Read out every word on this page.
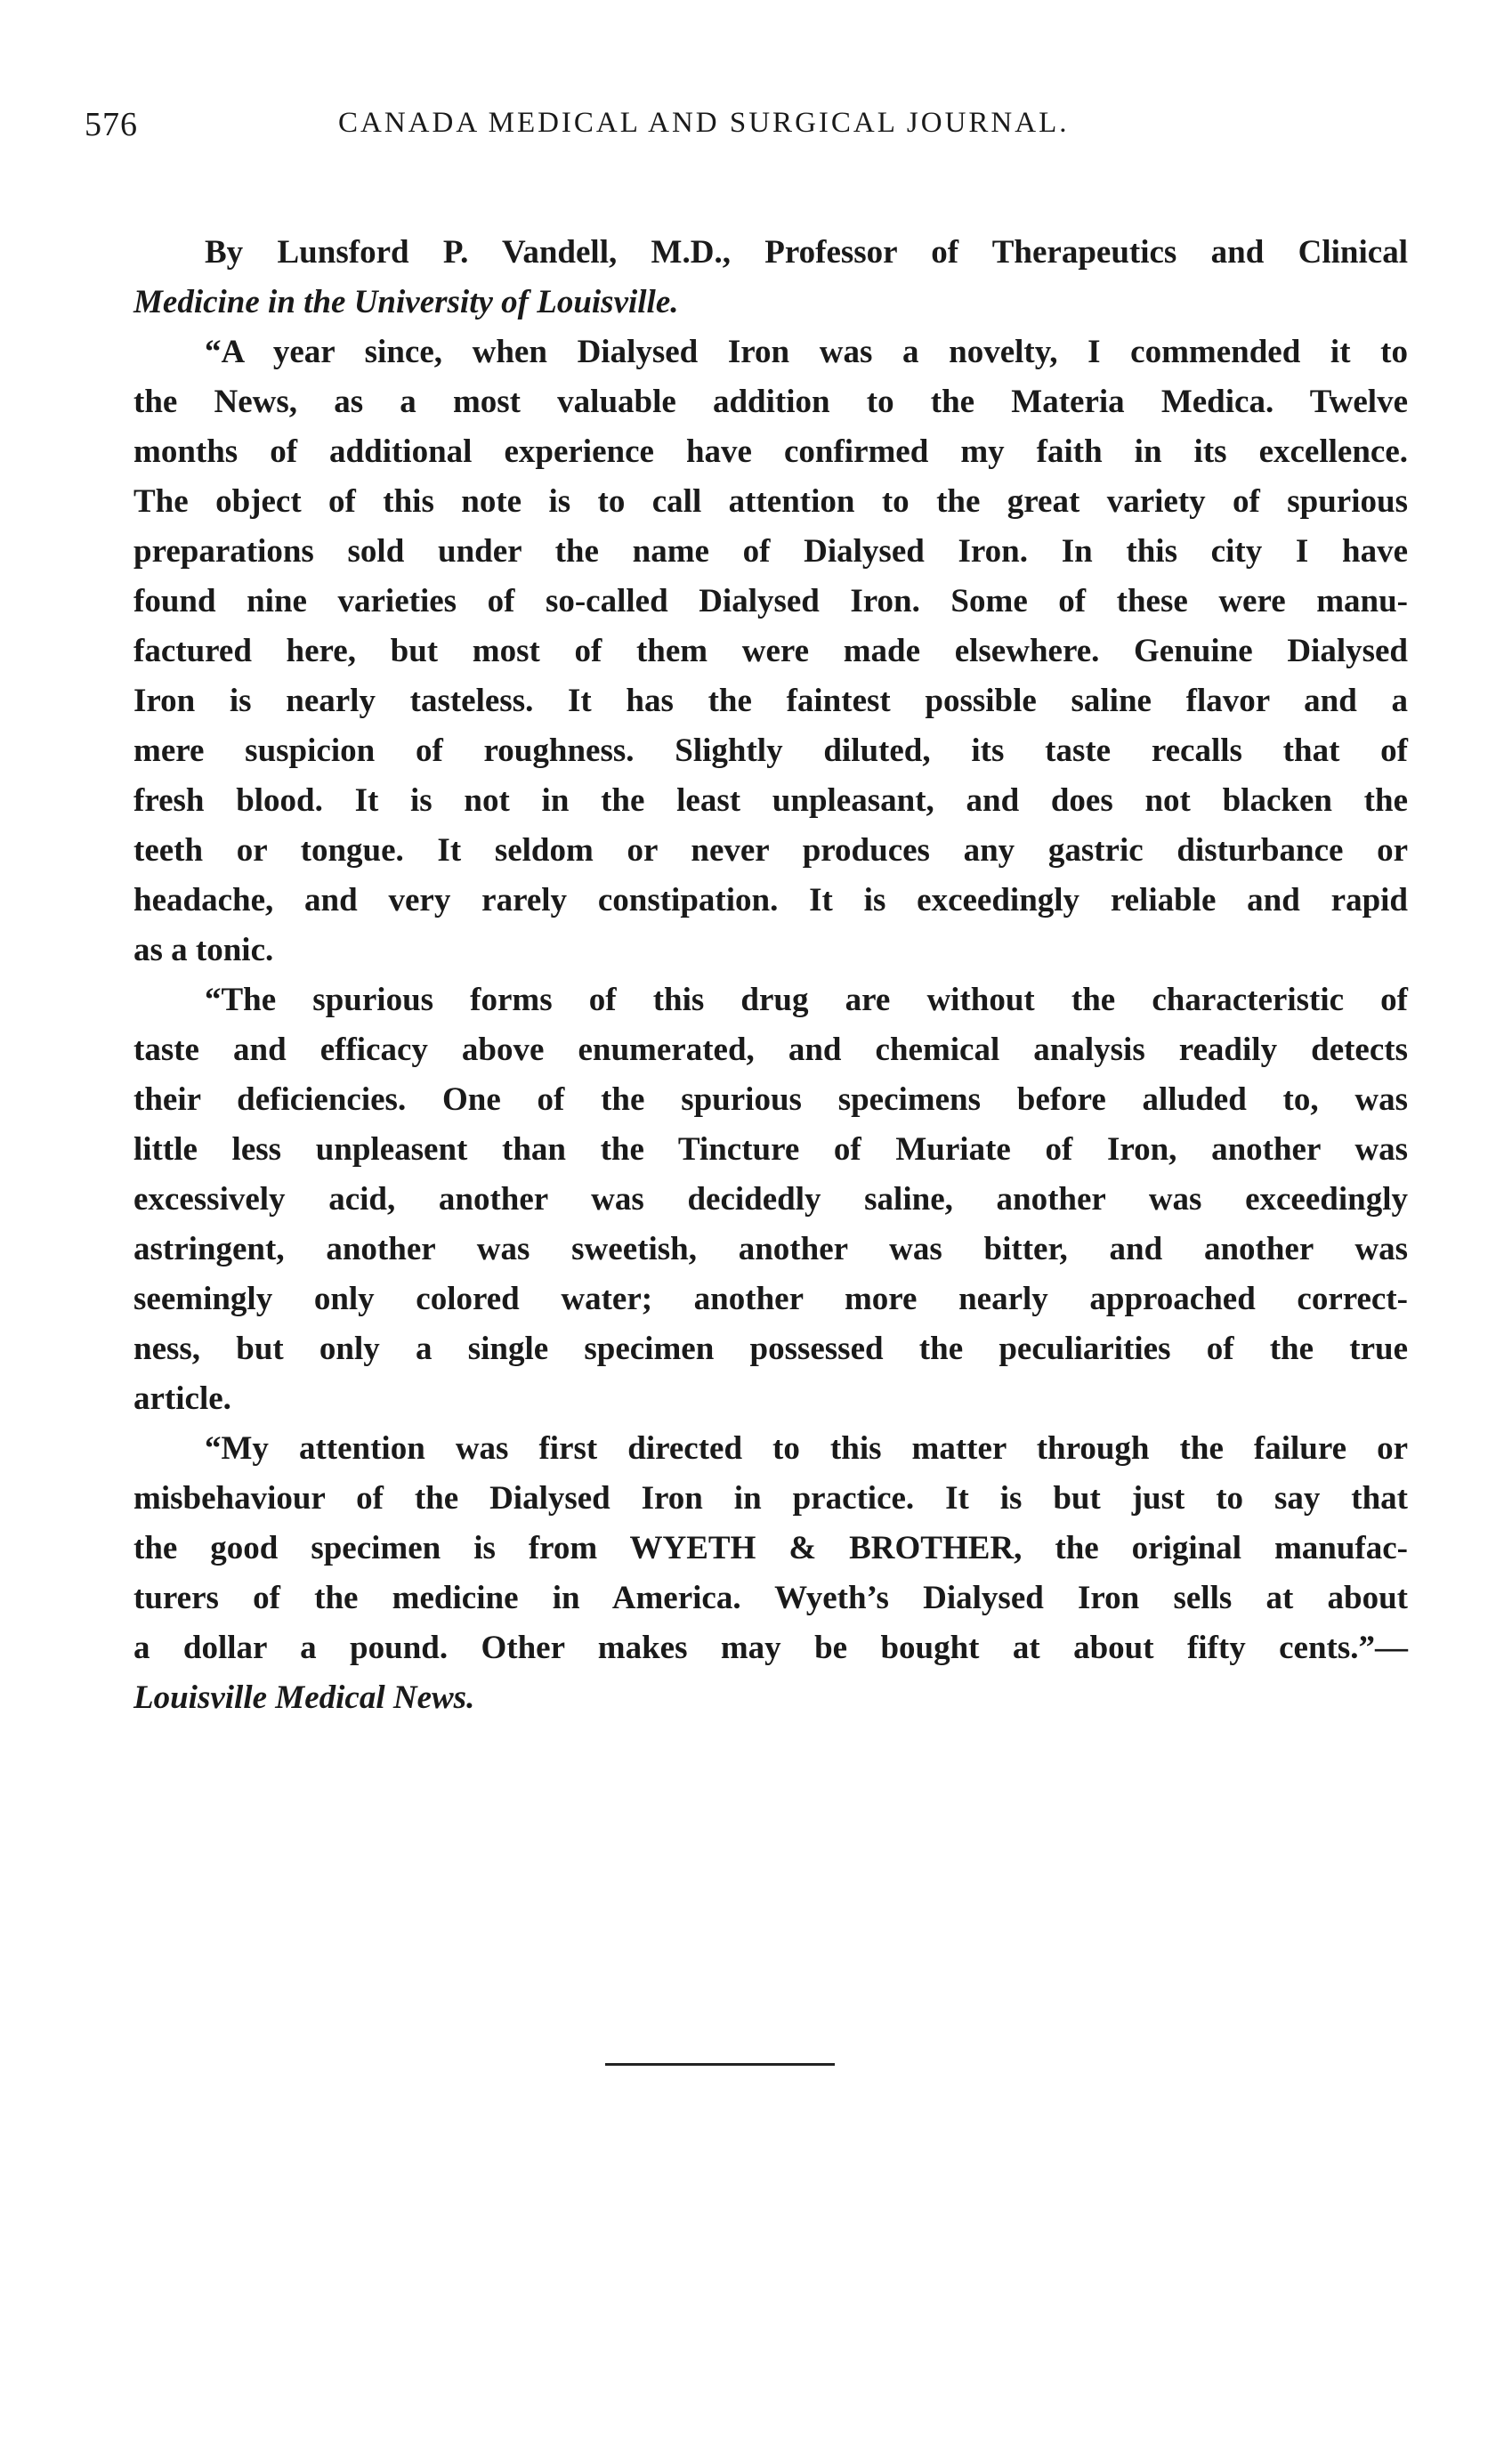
576	CANADA MEDICAL AND SURGICAL JOURNAL.
By Lunsford P. Vandell, M.D., Professor of Therapeutics and Clinical
Medicine in the University of Louisville.
“A year since, when Dialysed Iron was a novelty, I commended it to
the News, as a most valuable addition to the Materia Medica. Twelve
months of additional experience have confirmed my faith in its excellence.
The object of this note is to call attention to the great variety of spurious
preparations sold under the name of Dialysed Iron. In this city I have
found nine varieties of so-called Dialysed Iron. Some of these were manu-
factured here, but most of them were made elsewhere. Genuine Dialysed
Iron is nearly tasteless. It has the faintest possible saline flavor and a
mere suspicion of roughness. Slightly diluted, its taste recalls that of
fresh blood. It is not in the least unpleasant, and does not blacken the
teeth or tongue. It seldom or never produces any gastric disturbance or
headache, and very rarely constipation. It is exceedingly reliable and rapid
as a tonic.
“The spurious forms of this drug are without the characteristic of
taste and efficacy above enumerated, and chemical analysis readily detects
their deficiencies. One of the spurious specimens before alluded to, was
little less unpleasent than the Tincture of Muriate of Iron, another was
excessively acid, another was decidedly saline, another was exceedingly
astringent, another was sweetish, another was bitter, and another was
seemingly only colored water; another more nearly approached correct-
ness, but only a single specimen possessed the peculiarities of the true
article.
“My attention was first directed to this matter through the failure or
misbehaviour of the Dialysed Iron in practice. It is but just to say that
the good specimen is from WYETH & BROTHER, the original manufac-
turers of the medicine in America. Wyeth’s Dialysed Iron sells at about
a dollar a pound. Other makes may be bought at about fifty cents.”—
Louisville Medical News.
